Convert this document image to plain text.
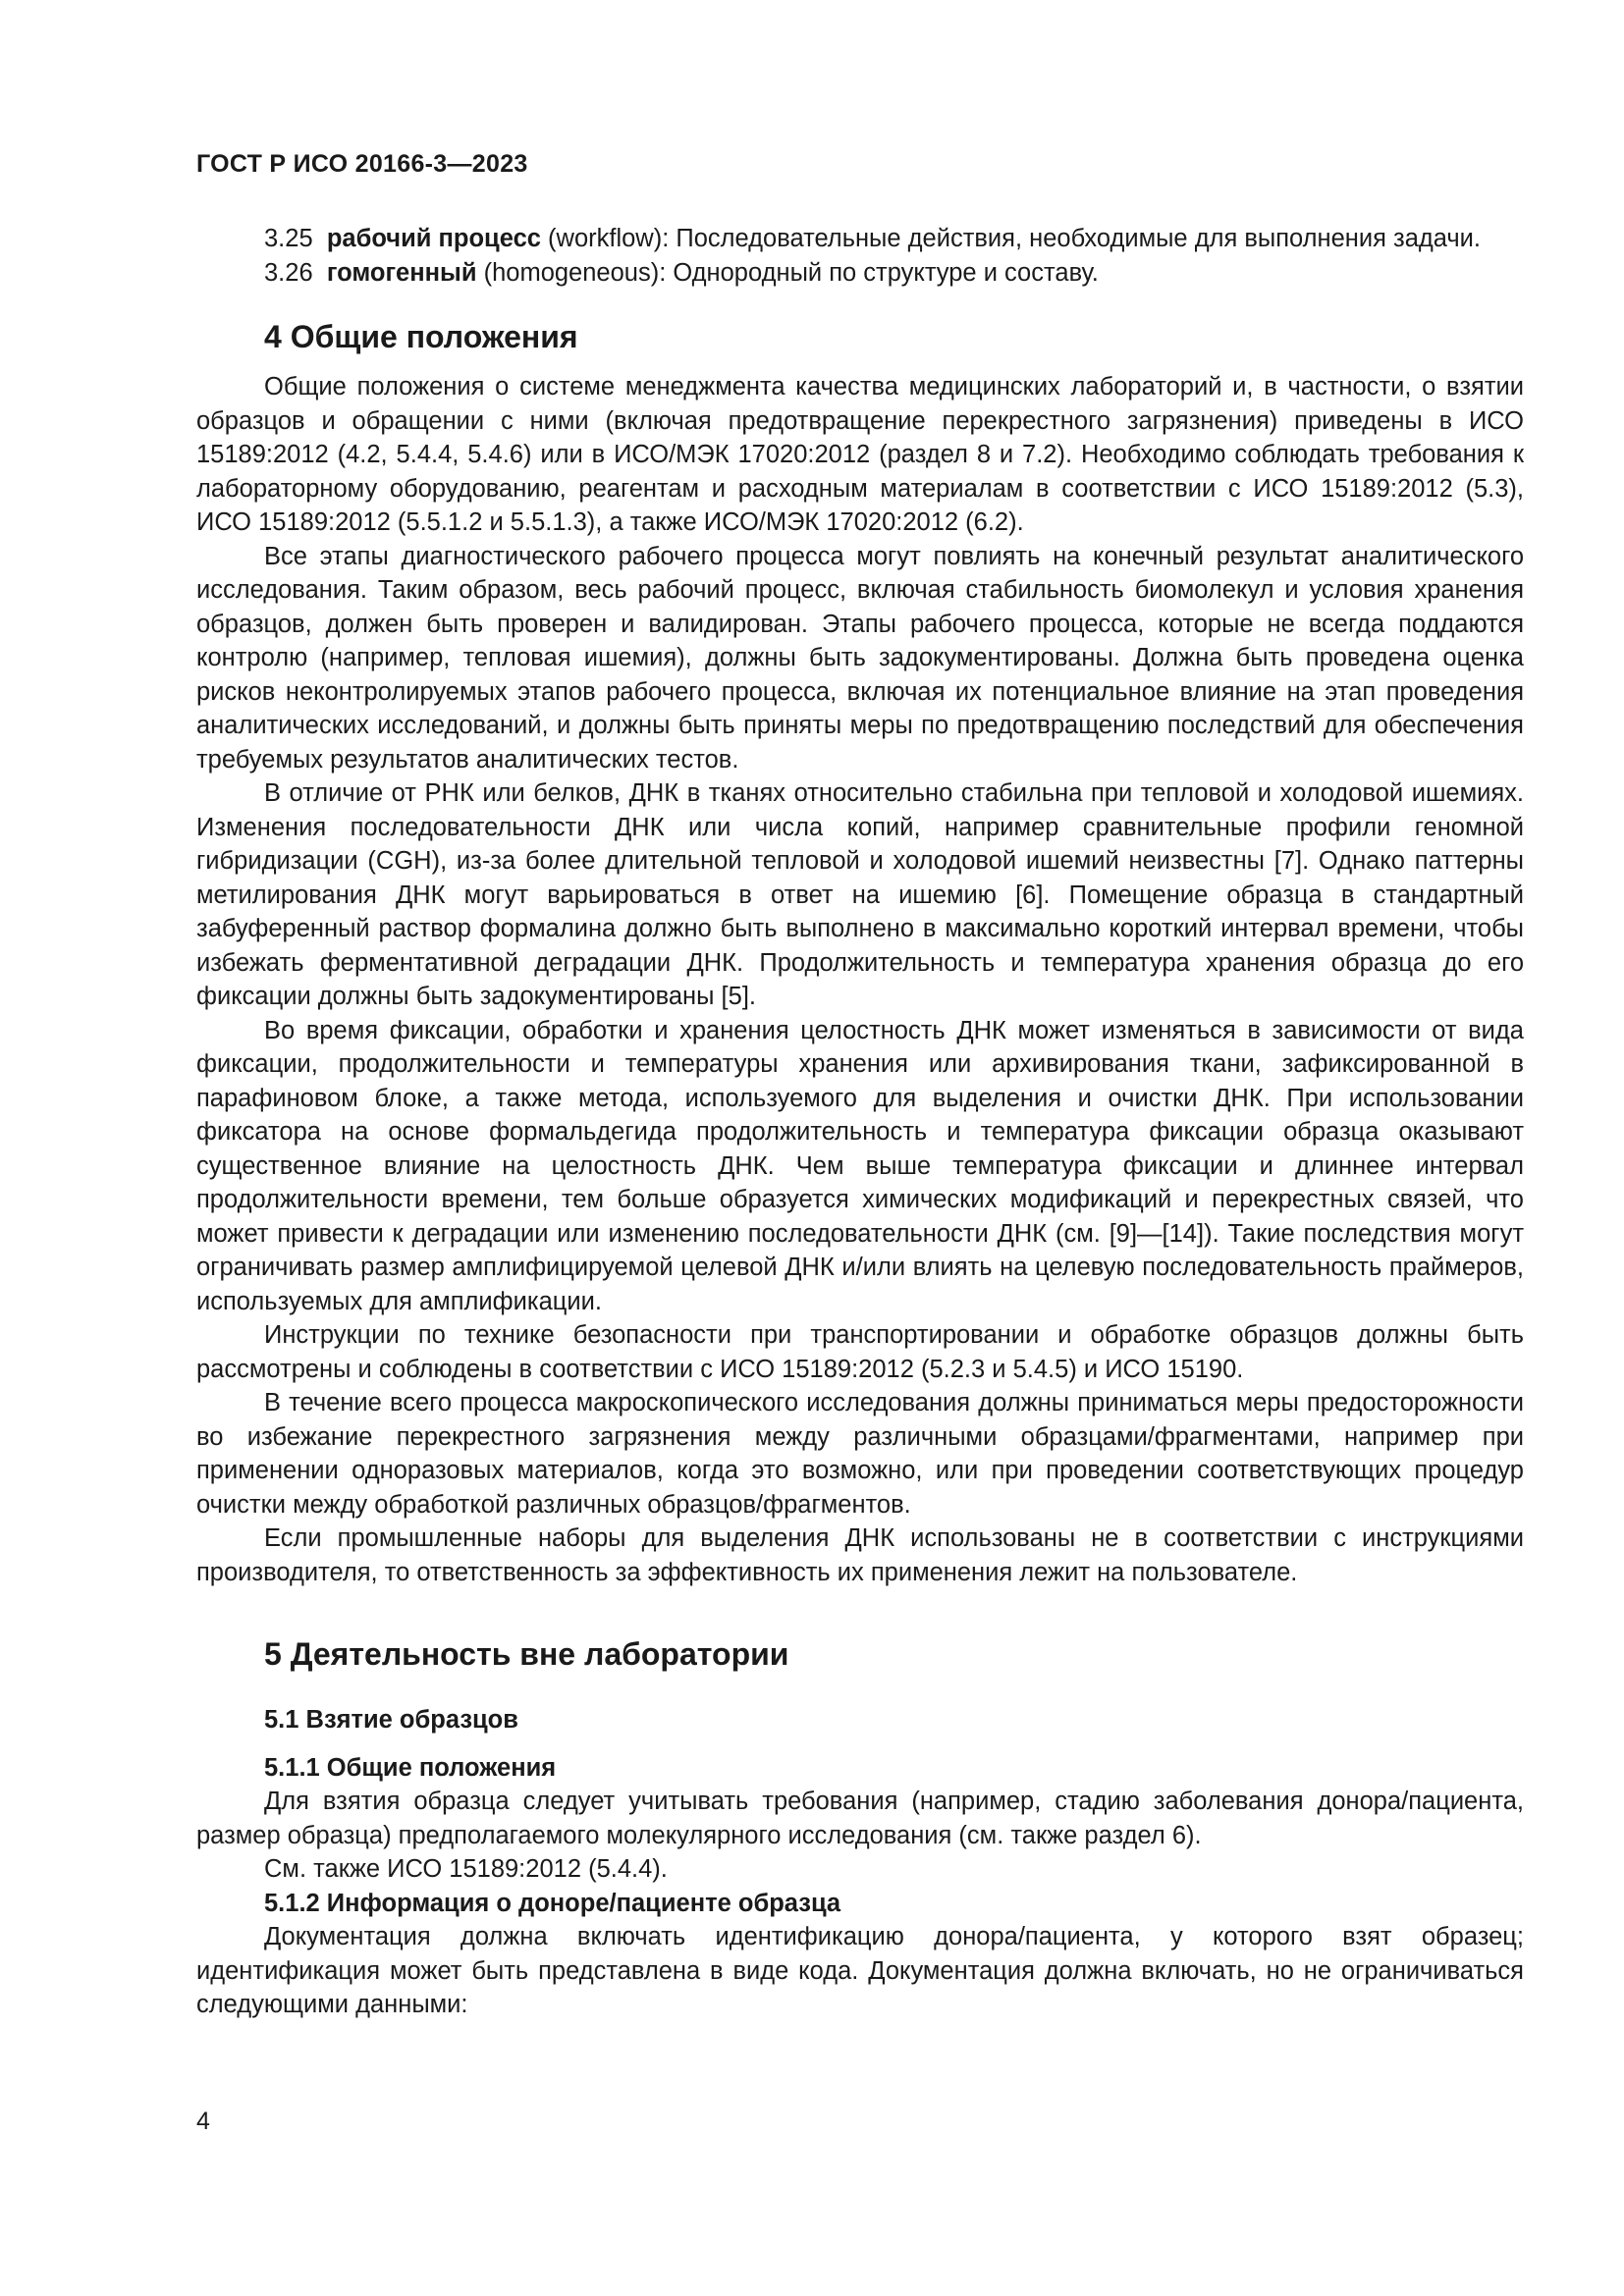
ГОСТ Р ИСО 20166-3—2023

3.25 рабочий процесс (workflow): Последовательные действия, необходимые для выполнения задачи.

3.26 гомогенный (homogeneous): Однородный по структуре и составу.

4 Общие положения

Общие положения о системе менеджмента качества медицинских лабораторий и, в частности, о взятии образцов и обращении с ними (включая предотвращение перекрестного загрязнения) приведены в ИСО 15189:2012 (4.2, 5.4.4, 5.4.6) или в ИСО/МЭК 17020:2012 (раздел 8 и 7.2). Необходимо соблюдать требования к лабораторному оборудованию, реагентам и расходным материалам в соответствии с ИСО 15189:2012 (5.3), ИСО 15189:2012 (5.5.1.2 и 5.5.1.3), а также ИСО/МЭК 17020:2012 (6.2).

Все этапы диагностического рабочего процесса могут повлиять на конечный результат аналитического исследования. Таким образом, весь рабочий процесс, включая стабильность биомолекул и условия хранения образцов, должен быть проверен и валидирован. Этапы рабочего процесса, которые не всегда поддаются контролю (например, тепловая ишемия), должны быть задокументированы. Должна быть проведена оценка рисков неконтролируемых этапов рабочего процесса, включая их потенциальное влияние на этап проведения аналитических исследований, и должны быть приняты меры по предотвращению последствий для обеспечения требуемых результатов аналитических тестов.

В отличие от РНК или белков, ДНК в тканях относительно стабильна при тепловой и холодовой ишемиях. Изменения последовательности ДНК или числа копий, например сравнительные профили геномной гибридизации (CGH), из-за более длительной тепловой и холодовой ишемий неизвестны [7]. Однако паттерны метилирования ДНК могут варьироваться в ответ на ишемию [6]. Помещение образца в стандартный забуференный раствор формалина должно быть выполнено в максимально короткий интервал времени, чтобы избежать ферментативной деградации ДНК. Продолжительность и температура хранения образца до его фиксации должны быть задокументированы [5].

Во время фиксации, обработки и хранения целостность ДНК может изменяться в зависимости от вида фиксации, продолжительности и температуры хранения или архивирования ткани, зафиксированной в парафиновом блоке, а также метода, используемого для выделения и очистки ДНК. При использовании фиксатора на основе формальдегида продолжительность и температура фиксации образца оказывают существенное влияние на целостность ДНК. Чем выше температура фиксации и длиннее интервал продолжительности времени, тем больше образуется химических модификаций и перекрестных связей, что может привести к деградации или изменению последовательности ДНК (см. [9]—[14]). Такие последствия могут ограничивать размер амплифицируемой целевой ДНК и/или влиять на целевую последовательность праймеров, используемых для амплификации.

Инструкции по технике безопасности при транспортировании и обработке образцов должны быть рассмотрены и соблюдены в соответствии с ИСО 15189:2012 (5.2.3 и 5.4.5) и ИСО 15190.

В течение всего процесса макроскопического исследования должны приниматься меры предосторожности во избежание перекрестного загрязнения между различными образцами/фрагментами, например при применении одноразовых материалов, когда это возможно, или при проведении соответствующих процедур очистки между обработкой различных образцов/фрагментов.

Если промышленные наборы для выделения ДНК использованы не в соответствии с инструкциями производителя, то ответственность за эффективность их применения лежит на пользователе.

5 Деятельность вне лаборатории
5.1 Взятие образцов
5.1.1 Общие положения

Для взятия образца следует учитывать требования (например, стадию заболевания донора/пациента, размер образца) предполагаемого молекулярного исследования (см. также раздел 6).

См. также ИСО 15189:2012 (5.4.4).

5.1.2 Информация о доноре/пациенте образца

Документация должна включать идентификацию донора/пациента, у которого взят образец; идентификация может быть представлена в виде кода. Документация должна включать, но не ограничиваться следующими данными:

4
